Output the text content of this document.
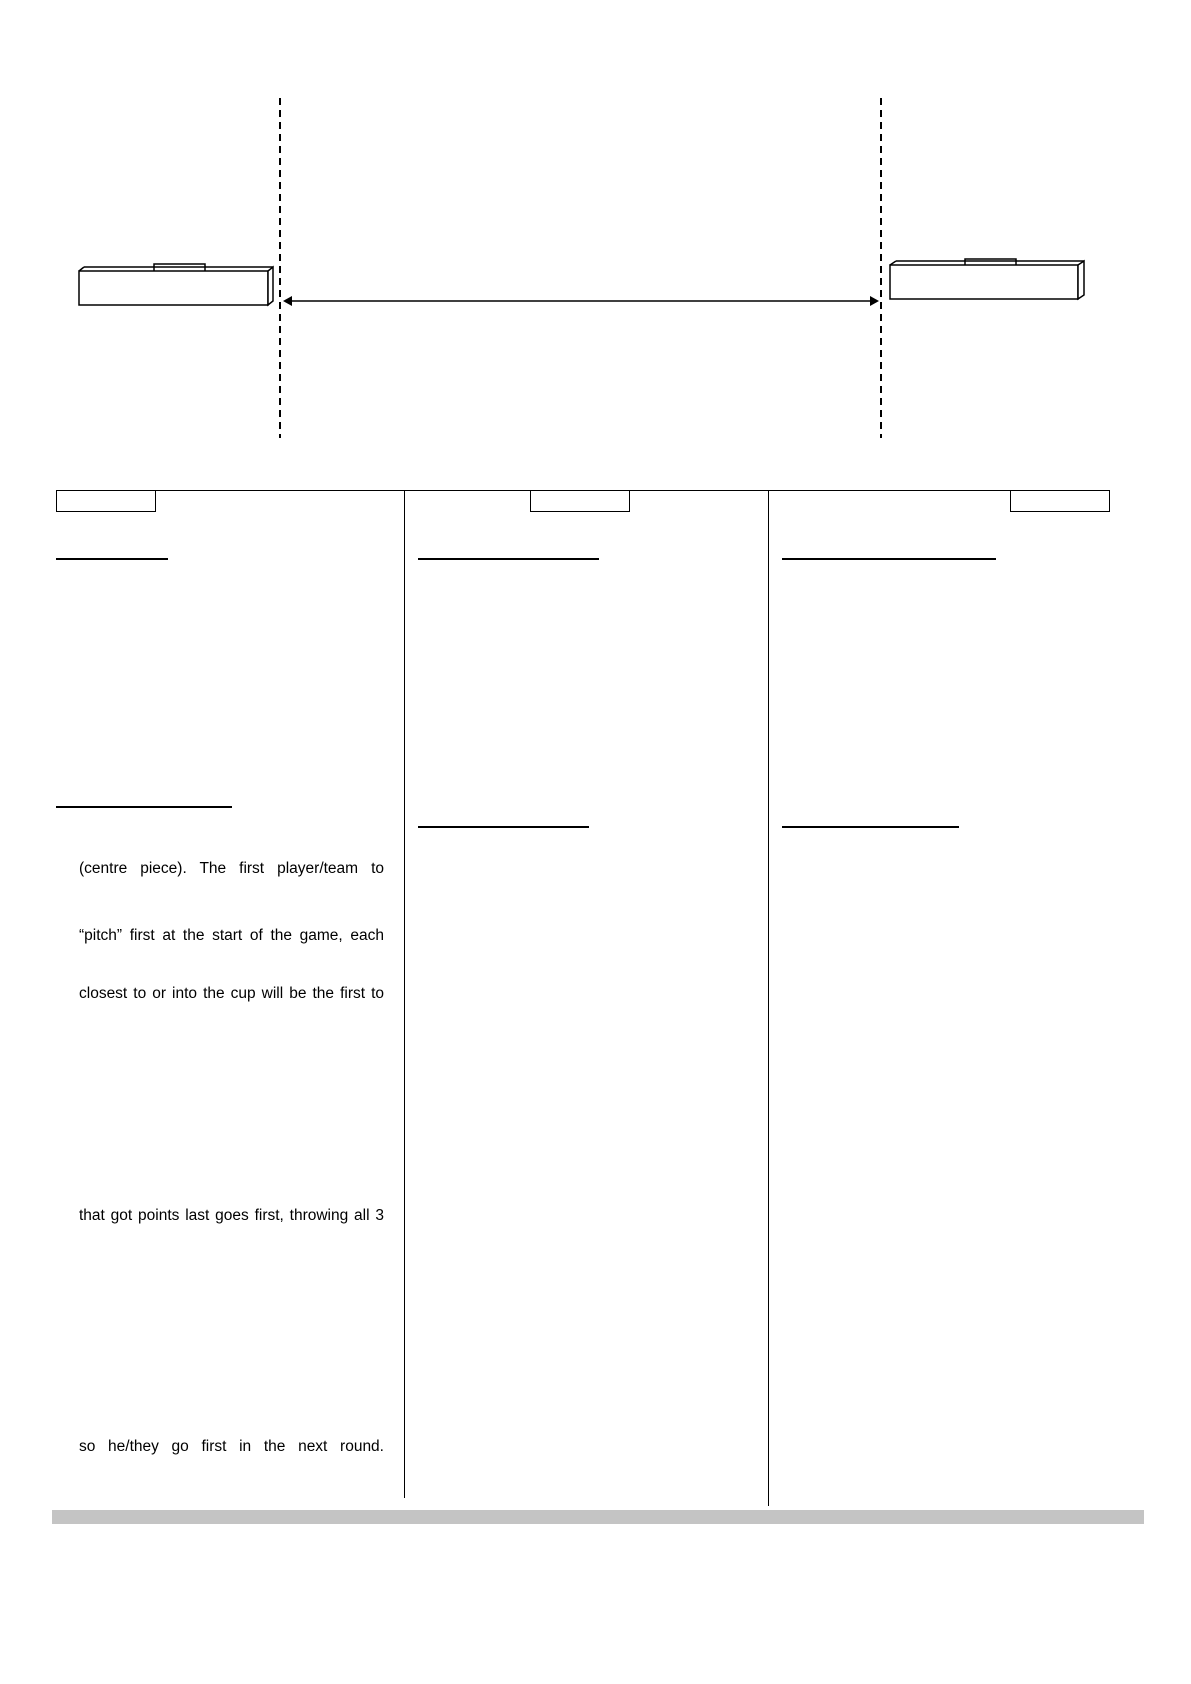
(centre piece). The first player/team to
“pitch” first at the start of the game, each
closest to or into the cup will be the first to
that got points last goes first, throwing all 3
so he/they go first in the next round.
